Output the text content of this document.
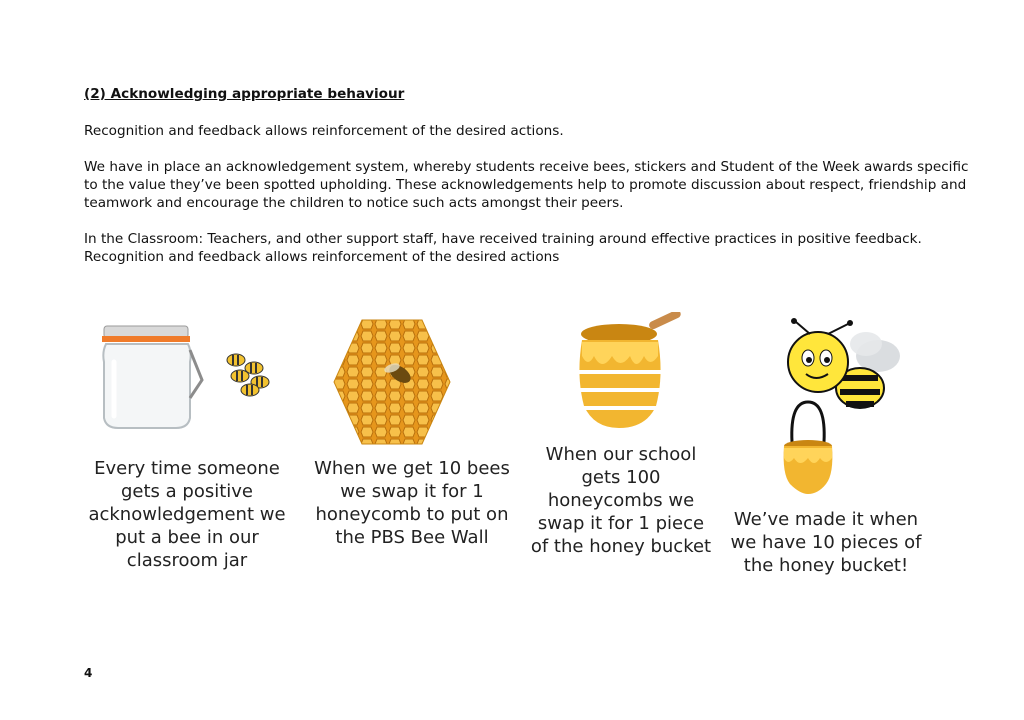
(2) Acknowledging appropriate behaviour
Recognition and feedback allows reinforcement of the desired actions.
We have in place an acknowledgement system, whereby students receive bees, stickers and Student of the Week awards specific to the value they’ve been spotted upholding. These acknowledgements help to promote discussion about respect, friendship and teamwork and encourage the children to notice such acts amongst their peers.
In the Classroom: Teachers, and other support staff, have received training around effective practices in positive feedback. Recognition and feedback allows reinforcement of the desired actions
Every time someone gets a positive acknowledgement we put a bee in our classroom jar
When we get 10 bees we swap it for 1 honeycomb to put on the PBS Bee Wall
When our school gets 100 honeycombs we swap it for 1 piece of the honey bucket
We’ve made it when we have 10 pieces of the honey bucket!
4
